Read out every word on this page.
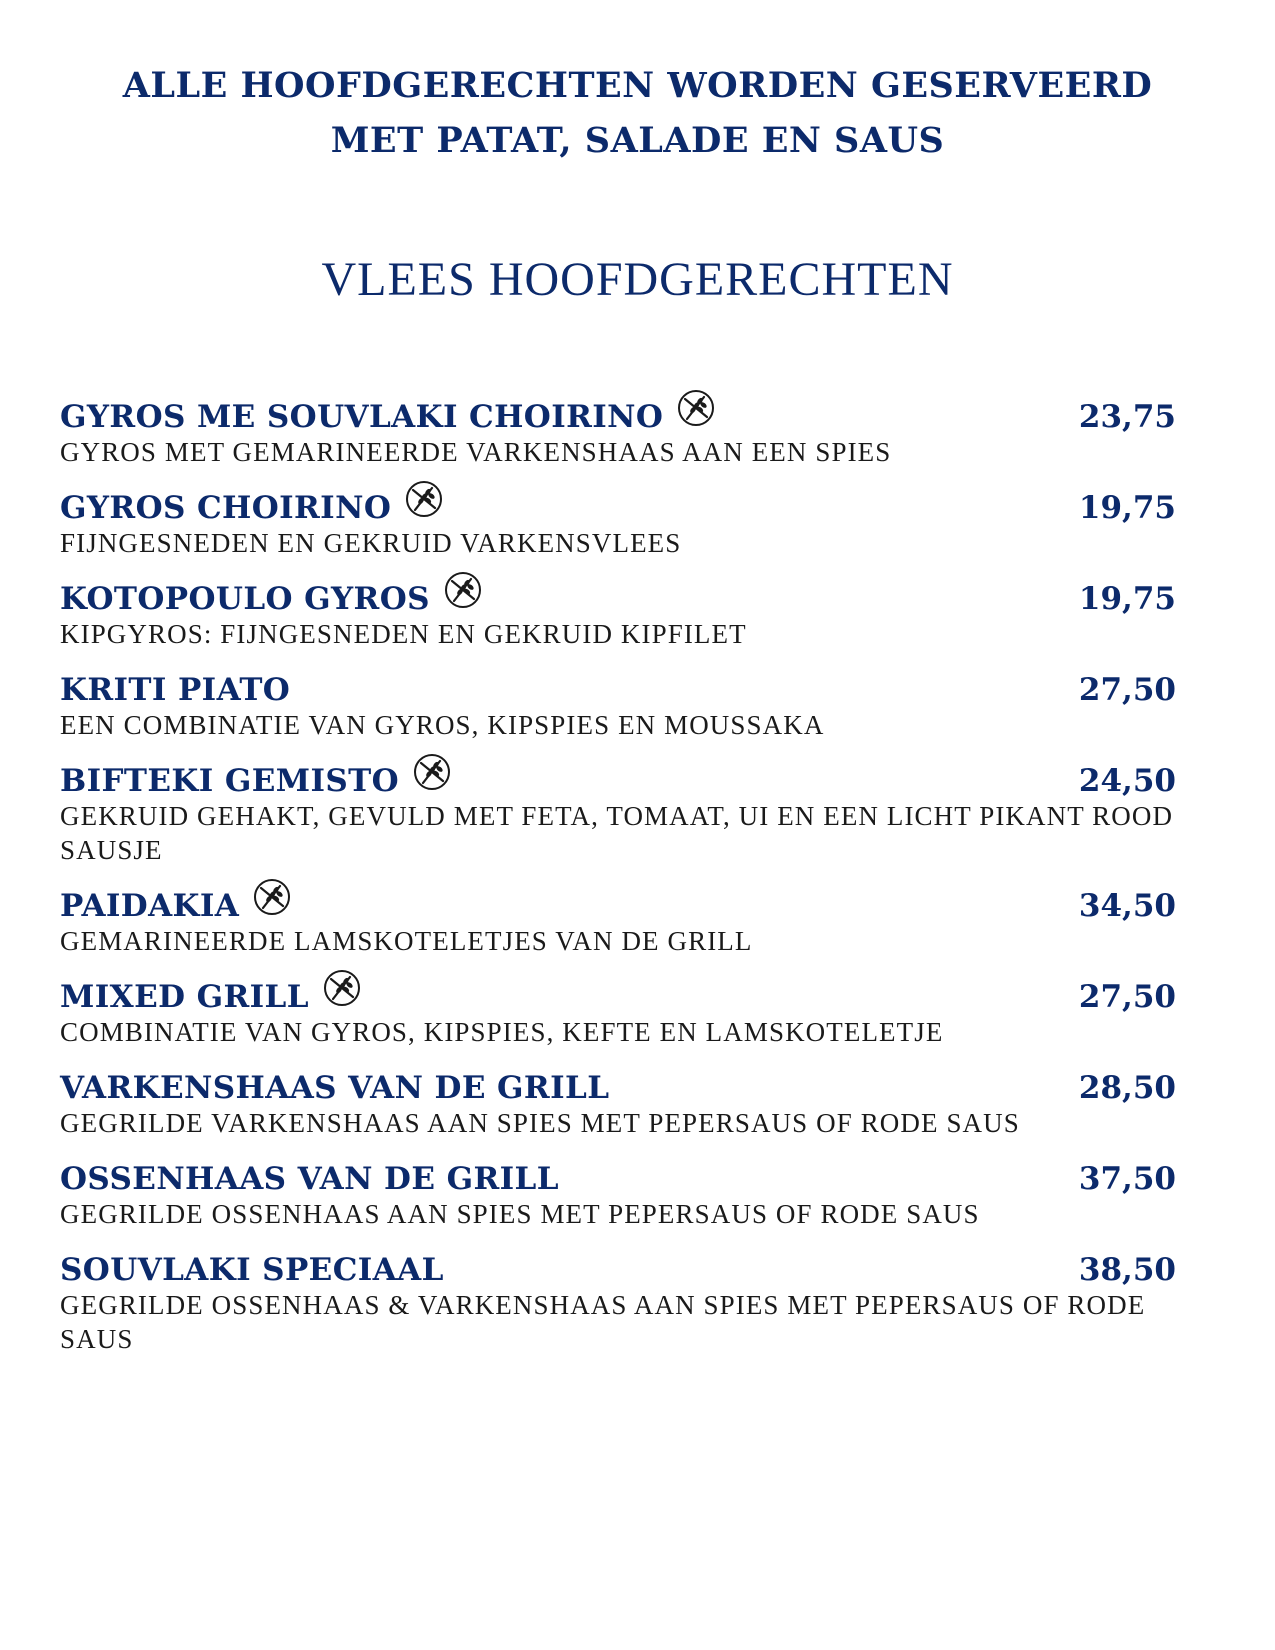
ALLE HOOFDGERECHTEN WORDEN GESERVEERD
MET PATAT, SALADE EN SAUS
VLEES HOOFDGERECHTEN
GYROS ME SOUVLAKI CHOIRINO	23,75
GYROS MET GEMARINEERDE VARKENSHAAS AAN EEN SPIES
GYROS CHOIRINO	19,75
FIJNGESNEDEN EN GEKRUID VARKENSVLEES
KOTOPOULO GYROS	19,75
KIPGYROS: FIJNGESNEDEN EN GEKRUID KIPFILET
KRITI PIATO	27,50
EEN COMBINATIE VAN GYROS, KIPSPIES EN MOUSSAKA
BIFTEKI GEMISTO	24,50
GEKRUID GEHAKT, GEVULD MET FETA, TOMAAT, UI EN EEN LICHT PIKANT ROOD SAUSJE
PAIDAKIA	34,50
GEMARINEERDE LAMSKOTELETJES VAN DE GRILL
MIXED GRILL	27,50
COMBINATIE VAN GYROS, KIPSPIES, KEFTE EN LAMSKOTELETJE
VARKENSHAAS VAN DE GRILL	28,50
GEGRILDE VARKENSHAAS AAN SPIES MET PEPERSAUS OF RODE SAUS
OSSENHAAS VAN DE GRILL	37,50
GEGRILDE OSSENHAAS AAN SPIES MET PEPERSAUS OF RODE SAUS
SOUVLAKI SPECIAAL	38,50
GEGRILDE OSSENHAAS & VARKENSHAAS AAN SPIES MET PEPERSAUS OF RODE SAUS
